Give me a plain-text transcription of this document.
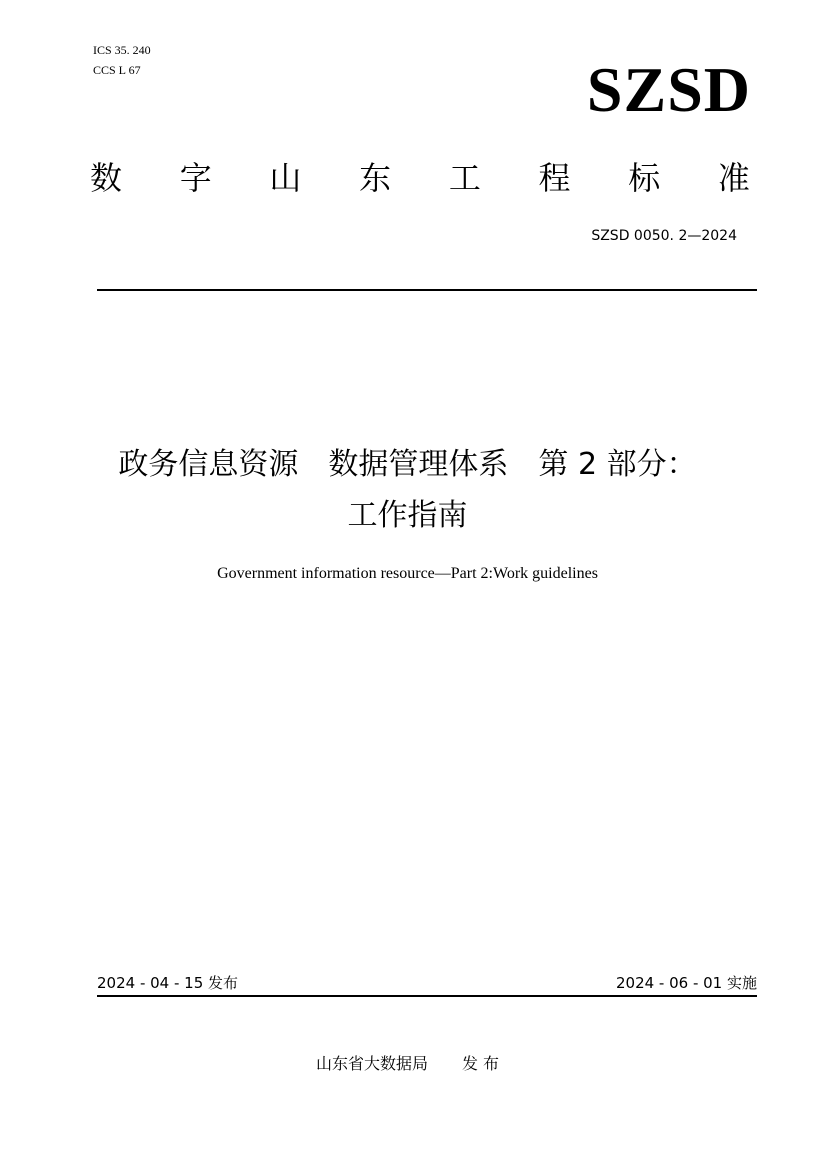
ICS 35. 240
CCS L 67	SZSD
数 字 山 东 工 程 标 准
SZSD 0050. 2—2024
政务信息资源　数据管理体系　第 2 部分：
工作指南
Government information resource—Part 2:Work guidelines
2024 - 04 - 15 发布	2024 - 06 - 01 实施
山东省大数据局 发 布
